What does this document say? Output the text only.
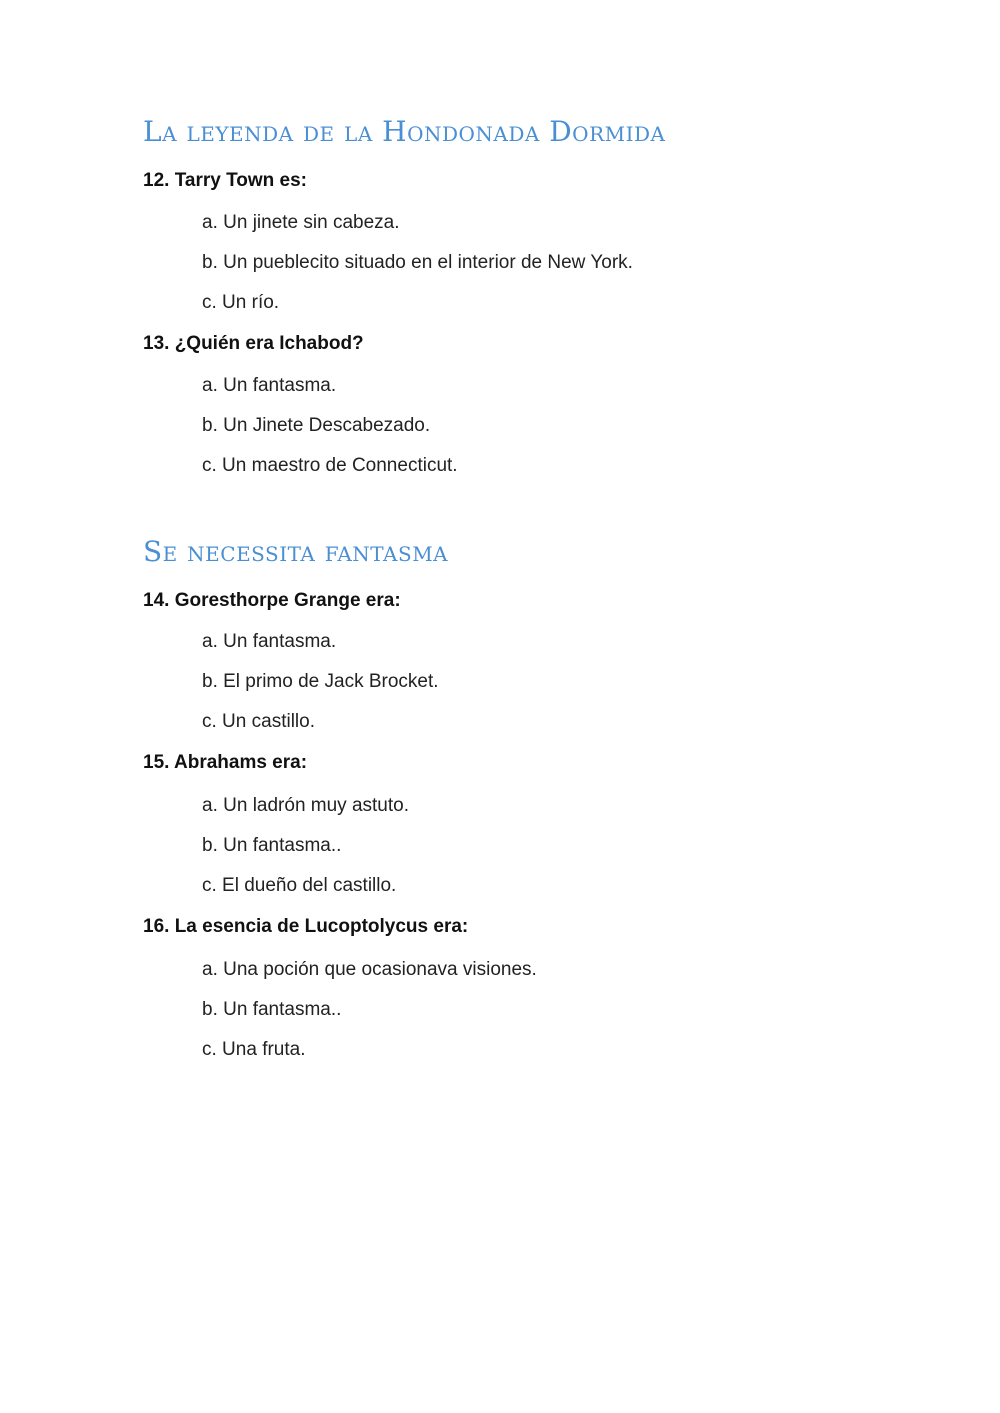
La leyenda de la Hondonada Dormida

12. Tarry Town es:

a. Un jinete sin cabeza.

b. Un pueblecito situado en el interior de New York.

c. Un río.

13. ¿Quién era Ichabod?

a. Un fantasma.

b. Un Jinete Descabezado.

c. Un maestro de Connecticut.

Se necessita fantasma

14. Goresthorpe Grange era:

a. Un fantasma.

b. El primo de Jack Brocket.

c. Un castillo.

15. Abrahams era:

a. Un ladrón muy astuto.

b. Un fantasma..

c. El dueño del castillo.

16. La esencia de Lucoptolycus era:

a. Una poción que ocasionava visiones.

b. Un fantasma..

c. Una fruta.
